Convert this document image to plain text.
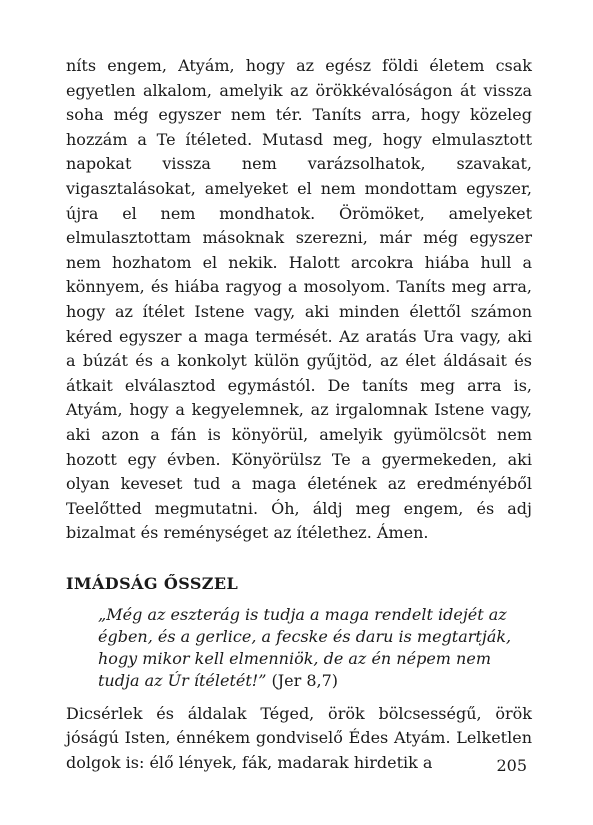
níts engem, Atyám, hogy az egész földi életem csak egyetlen alkalom, amelyik az örökkévalóságon át vissza soha még egyszer nem tér. Taníts arra, hogy közeleg hozzám a Te ítéleted. Mutasd meg, hogy elmulasztott napokat vissza nem varázsolhatok, szavakat, vigasztalásokat, amelyeket el nem mondottam egyszer, újra el nem mondhatok. Örömöket, amelyeket elmulasztottam másoknak szerezni, már még egyszer nem hozhatom el nekik. Halott arcokra hiába hull a könnyem, és hiába ragyog a mosolyom. Taníts meg arra, hogy az ítélet Istene vagy, aki minden élettől számon kéred egyszer a maga termését. Az aratás Ura vagy, aki a búzát és a konkolyt külön gyűjtöd, az élet áldásait és átkait elválasztod egymástól. De taníts meg arra is, Atyám, hogy a kegyelemnek, az irgalomnak Istene vagy, aki azon a fán is könyörül, amelyik gyümölcsöt nem hozott egy évben. Könyörülsz Te a gyermekeden, aki olyan keveset tud a maga életének az eredményéből Teelőtted megmutatni. Óh, áldj meg engem, és adj bizalmat és reménységet az ítélethez. Ámen.

IMÁDSÁG ŐSSZEL
„Még az eszterág is tudja a maga rendelt idejét az égben, és a gerlice, a fecske és daru is megtartják, hogy mikor kell elmenniök, de az én népem nem tudja az Úr ítéletét!” (Jer 8,7)

Dicsérlek és áldalak Téged, örök bölcsességű, örök jóságú Isten, énnékem gondviselő Édes Atyám. Lelketlen dolgok is: élő lények, fák, madarak hirdetik a	205
